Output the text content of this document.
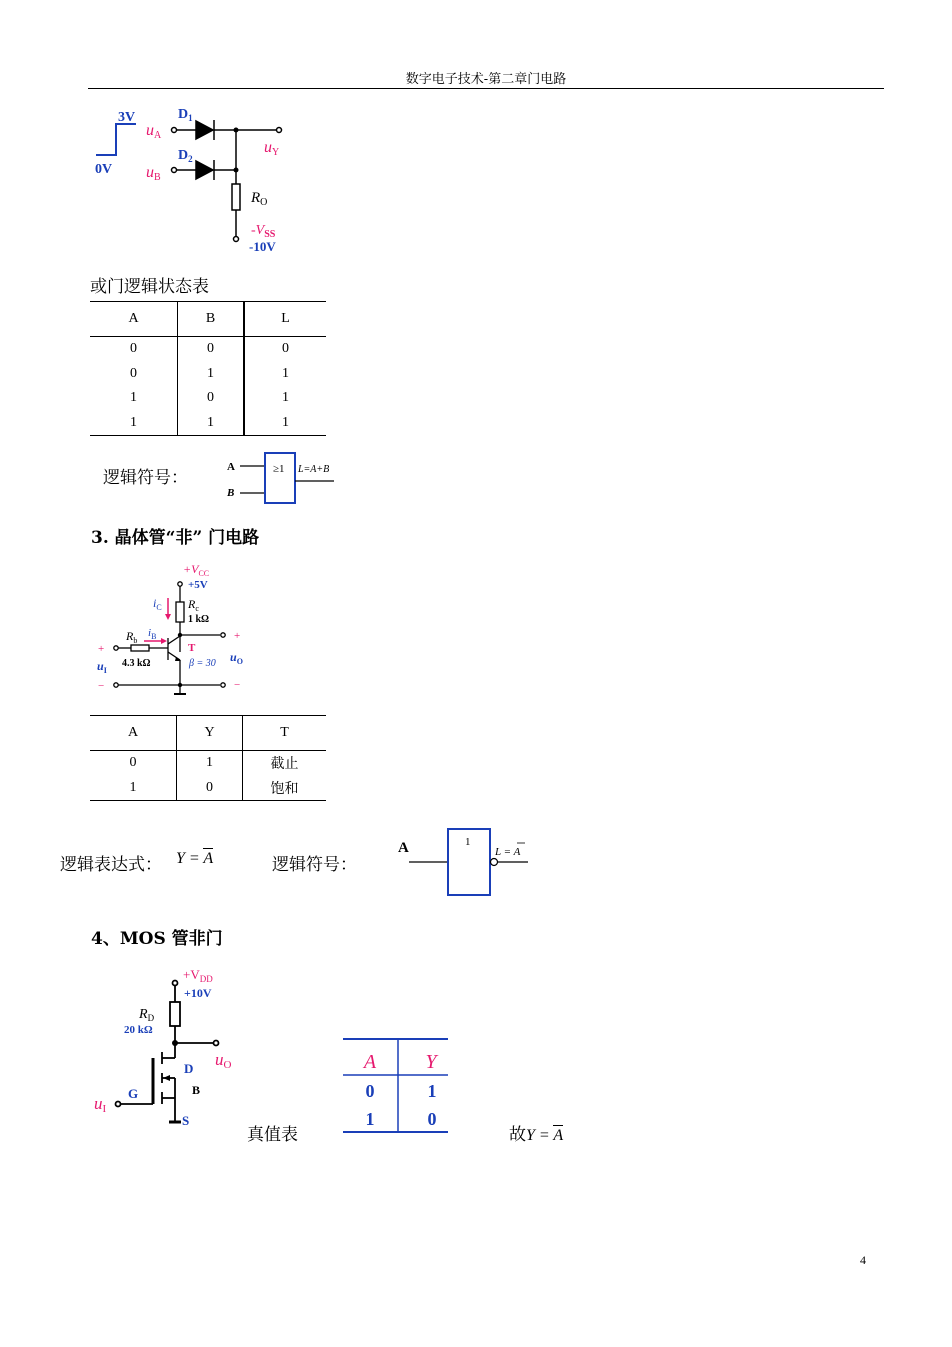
数字电子技术-第二章门电路
3V
0V
uA
uB
$D_1$
$D_2$
uY
$R_O$
$-V_{SS}$
-10V
或门逻辑状态表
A	B	L
0	0	0
0	1	1
1	0	1
1	1	1
逻辑符号：
A
B
≥1 L=A+B
3. 晶体管“非” 门电路
$+V_{CC}$
+5V
$i_C$ $R_c$
1 kΩ
$i_B$
$R_b$
4.3 kΩ
T
β = 30
+
$u_I$
−
+
$u_O$
−
A	Y	T
0	1	截止
1	0	饱和
逻辑表达式： Y = A	逻辑符号：
A	1
L = A
4、MOS 管非门
$+V_{DD}$
+10V
$R_D$
20 kΩ
uO
D
G	B
S
uI
真值表
A Y
0	1
1	0
故Y = A
4
